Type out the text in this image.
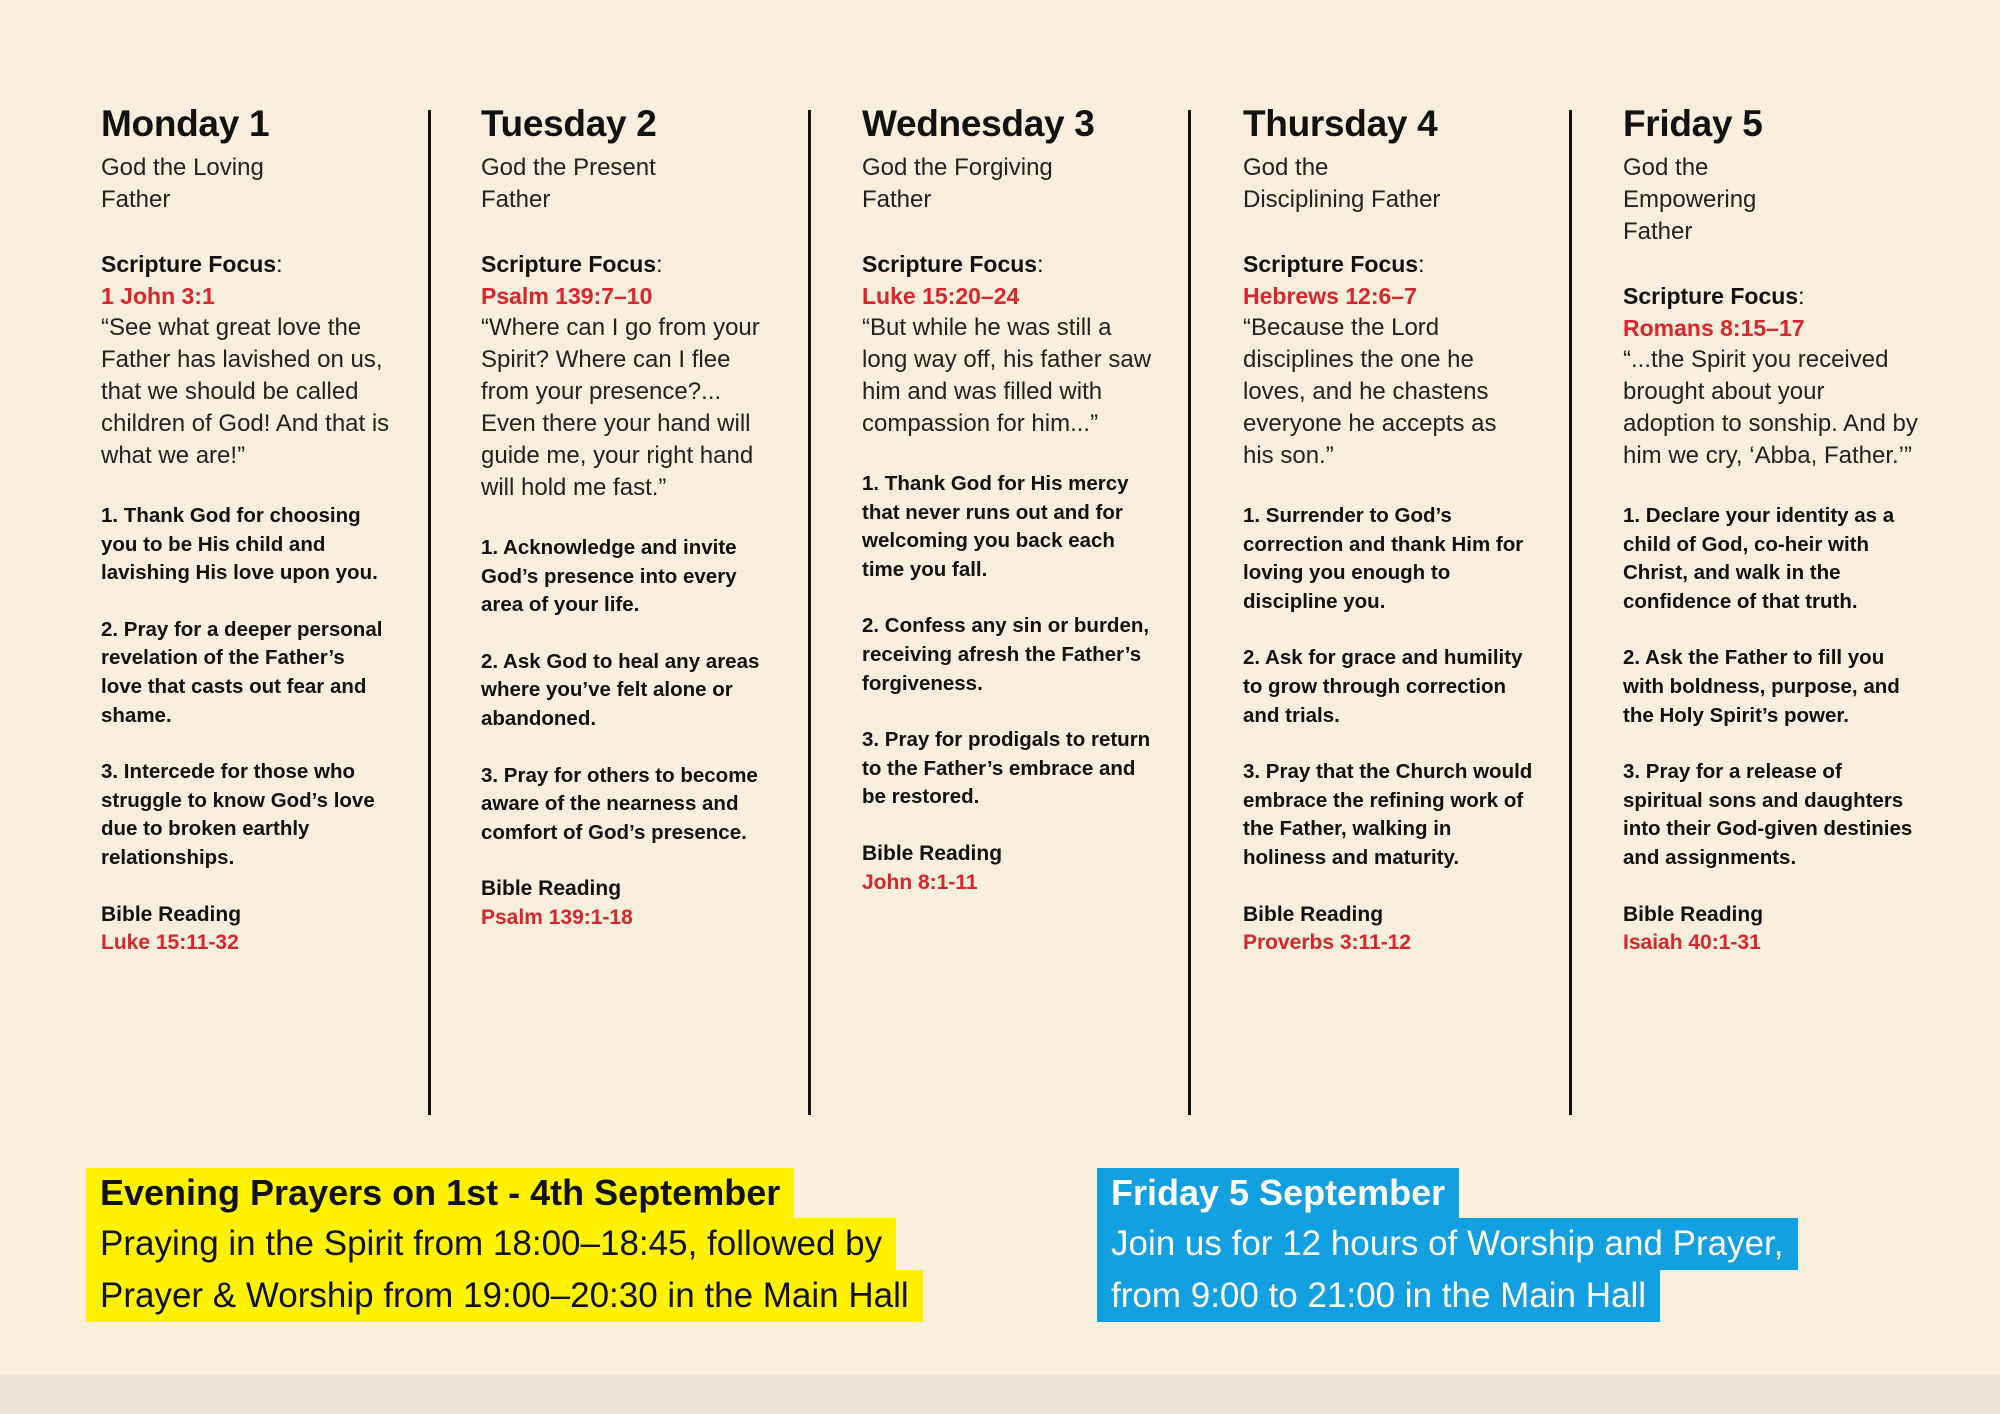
Monday 1
God the Loving Father
Scripture Focus:
1 John 3:1
“See what great love the Father has lavished on us, that we should be called children of God! And that is what we are!”
1. Thank God for choosing you to be His child and lavishing His love upon you.
2. Pray for a deeper personal revelation of the Father’s love that casts out fear and shame.
3. Intercede for those who struggle to know God’s love due to broken earthly relationships.
Bible Reading
Luke 15:11-32
Tuesday 2
God the Present Father
Scripture Focus:
Psalm 139:7–10
“Where can I go from your Spirit? Where can I flee from your presence?... Even there your hand will guide me, your right hand will hold me fast.”
1. Acknowledge and invite God’s presence into every area of your life.
2. Ask God to heal any areas where you’ve felt alone or abandoned.
3. Pray for others to become aware of the nearness and comfort of God’s presence.
Bible Reading
Psalm 139:1-18
Wednesday 3
God the Forgiving Father
Scripture Focus:
Luke 15:20–24
“But while he was still a long way off, his father saw him and was filled with compassion for him...”
1. Thank God for His mercy that never runs out and for welcoming you back each time you fall.
2. Confess any sin or burden, receiving afresh the Father’s forgiveness.
3. Pray for prodigals to return to the Father’s embrace and be restored.
Bible Reading
John 8:1-11
Thursday 4
God the Disciplining Father
Scripture Focus:
Hebrews 12:6–7
“Because the Lord disciplines the one he loves, and he chastens everyone he accepts as his son.”
1. Surrender to God’s correction and thank Him for loving you enough to discipline you.
2. Ask for grace and humility to grow through correction and trials.
3. Pray that the Church would embrace the refining work of the Father, walking in holiness and maturity.
Bible Reading
Proverbs 3:11-12
Friday 5
God the Empowering Father
Scripture Focus:
Romans 8:15–17
“...the Spirit you received brought about your adoption to sonship. And by him we cry, ‘Abba, Father.’”
1. Declare your identity as a child of God, co-heir with Christ, and walk in the confidence of that truth.
2. Ask the Father to fill you with boldness, purpose, and the Holy Spirit’s power.
3. Pray for a release of spiritual sons and daughters into their God-given destinies and assignments.
Bible Reading
Isaiah 40:1-31
Evening Prayers on 1st - 4th September
Praying in the Spirit from 18:00–18:45, followed by
Prayer & Worship from 19:00–20:30 in the Main Hall
Friday 5 September
Join us for 12 hours of Worship and Prayer,
from 9:00 to 21:00 in the Main Hall
